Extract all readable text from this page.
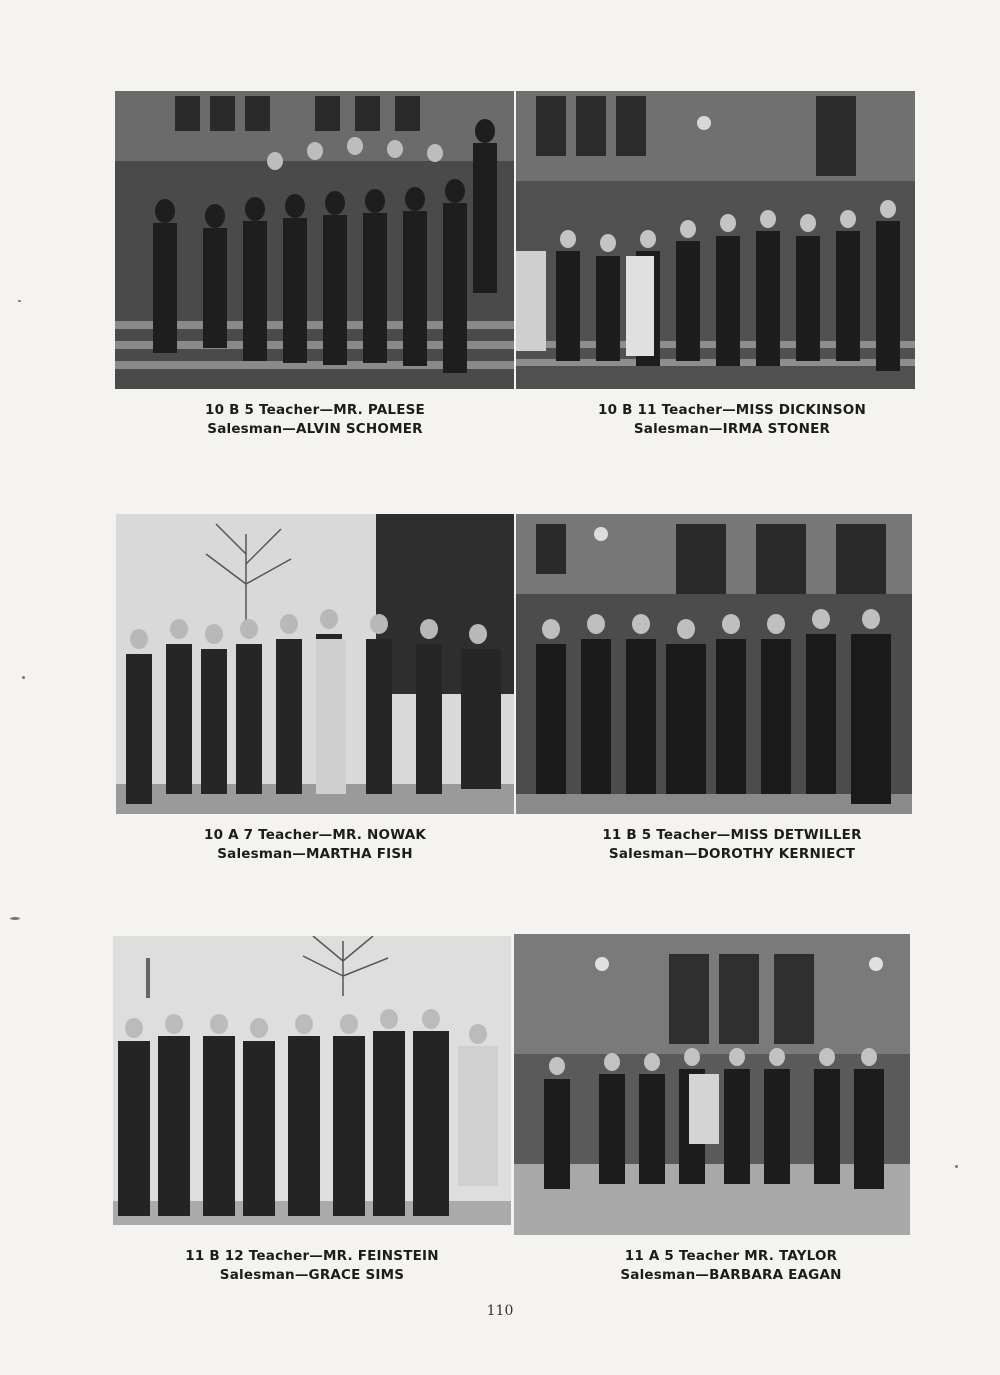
10 B 5 Teacher—MR. PALESE
Salesman—ALVIN SCHOMER
10 B 11 Teacher—MISS DICKINSON
Salesman—IRMA STONER
10 A 7 Teacher—MR. NOWAK
Salesman—MARTHA FISH
11 B 5 Teacher—MISS DETWILLER
Salesman—DOROTHY KERNIECT
11 B 12 Teacher—MR. FEINSTEIN
Salesman—GRACE SIMS
11 A 5 Teacher MR. TAYLOR
Salesman—BARBARA EAGAN
110
